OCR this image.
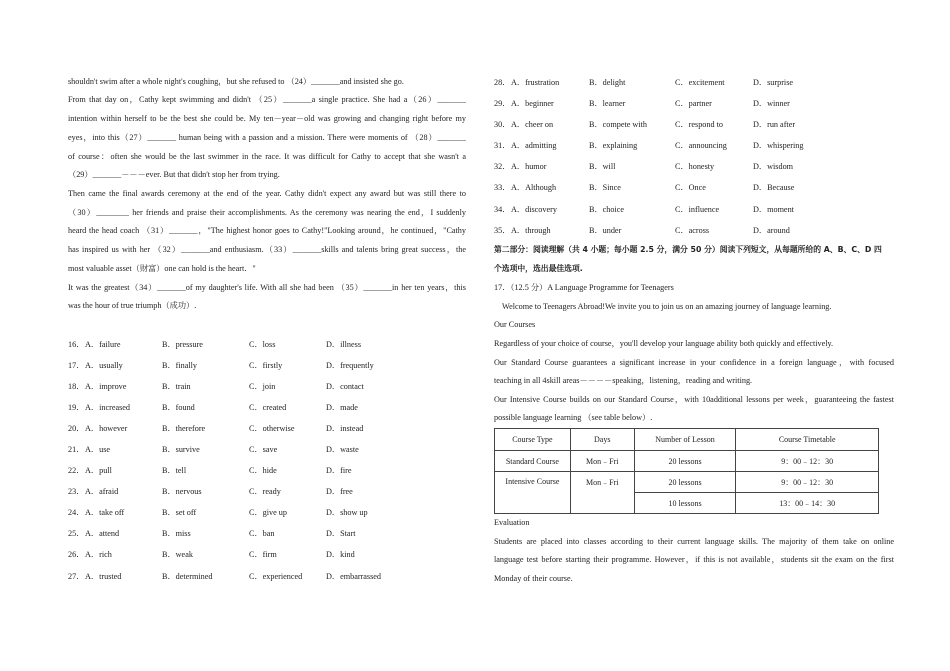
shouldn't swim after a whole night's coughing，but she refused to （24）_______and insisted she go.
From that day on，Cathy kept swimming and didn't （25）_______a single practice. She had a（26）_______
intention within herself to be the best she could be. My ten－year－old was growing and changing right before my
eyes，into this（27）_______ human being with a passion and a mission. There were moments of （28）_______
of course：often she would be the last swimmer in the race. It was difficult for Cathy to accept that she wasn't a
（29）_______－－－ever. But that didn't stop her from trying.
Then came the final awards ceremony at the end of the year. Cathy didn't expect any award but was still there to
（30）________ her friends and praise their accomplishments. As the ceremony was nearing the end，I suddenly
heard the head coach （31）_______，"The highest honor goes to Cathy!"Looking around，he continued，"Cathy
has inspired us with her （32）_______and enthusiasm.（33）_______skills and talents bring great success，the
most valuable asset（财富）one can hold is the heart．"
It was the greatest（34）_______of my daughter's life. With all she had been （35）_______in her ten years，this
was the hour of true triumph（成功）.
16． A．failure	B．pressure	C．loss	D．illness
17． A．usually	B．finally	C．firstly	D．frequently
18． A．improve	B．train	C．join	D．contact
19． A．increased	B．found	C．created	D．made
20． A．however	B．therefore	C．otherwise	D．instead
21． A．use	B．survive	C．save	D．waste
22． A．pull	B．tell	C．hide	D．fire
23． A．afraid	B．nervous	C．ready	D．free
24． A．take off	B．set off	C．give up	D．show up
25． A．attend	B．miss	C．ban	D．Start
26． A．rich	B．weak	C．firm	D．kind
27． A．trusted	B．determined	C．experienced	D．embarrassed
28． A．frustration	B．delight	C．excitement	D．surprise
29． A．beginner	B．learner	C．partner	D．winner
30． A．cheer on	B．compete with	C．respond to	D．run after
31． A．admitting	B．explaining	C．announcing	D．whispering
32． A．humor	B．will	C．honesty	D．wisdom
33． A．Although	B．Since	C．Once	D．Because
34． A．discovery	B．choice	C．influence	D．moment
35． A．through	B．under	C．across	D．around
第二部分：阅读理解（共 4 小题；每小题 2.5 分，满分 50 分）阅读下列短文，从每题所给的 A、B、C、D 四
个选项中，选出最佳选项.
17．（12.5 分）A Language Programme for Teenagers
Welcome to Teenagers Abroad!We invite you to join us on an amazing journey of language learning.
Our Courses
Regardless of your choice of course，you'll develop your language ability both quickly and effectively.
Our Standard Course guarantees a significant increase in your confidence in a foreign language，with focused
teaching in all 4skill areas－－－－speaking，listening，reading and writing.
Our Intensive Course builds on our Standard Course，with 10additional lessons per week，guaranteeing the fastest
possible language learning （see table below）.
Course Type	Days	Number of Lesson	Course Timetable
Standard Course	Mon﹣Fri	20 lessons	9：00﹣12：30
Intensive Course	Mon﹣Fri	20 lessons	9：00﹣12：30
		10 lessons	13：00﹣14：30
Evaluation
Students are placed into classes according to their current language skills. The majority of them take on online
language test before starting their programme. However，if this is not available，students sit the exam on the first
Monday of their course.
